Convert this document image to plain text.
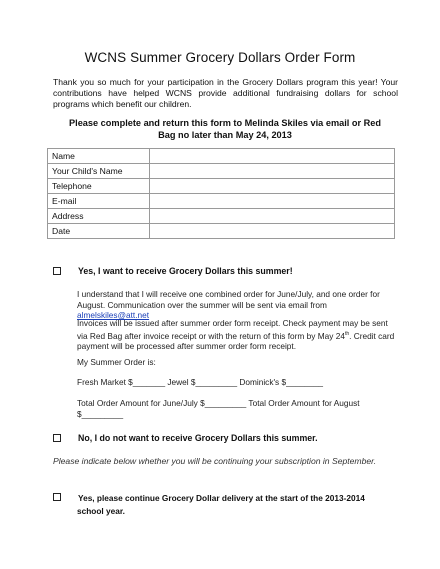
WCNS Summer Grocery Dollars Order Form
Thank you so much for your participation in the Grocery Dollars program this year! Your contributions have helped WCNS provide additional fundraising dollars for school programs which benefit our children.
Please complete and return this form to Melinda Skiles via email or Red Bag no later than May 24, 2013
Name	
Your Child's Name	
Telephone	
E-mail	
Address	
Date	
Yes, I want to receive Grocery Dollars this summer!
I understand that I will receive one combined order for June/July, and one order for August. Communication over the summer will be sent via email from almelskiles@att.net
Invoices will be issued after summer order form receipt. Check payment may be sent via Red Bag after invoice receipt or with the return of this form by May 24th. Credit card payment will be processed after summer order form receipt.
My Summer Order is:
Fresh Market $_______ Jewel $_________ Dominick's $________
Total Order Amount for June/July $_________ Total Order Amount for August $_________
No, I do not want to receive Grocery Dollars this summer.
Please indicate below whether you will be continuing your subscription in September.
Yes, please continue Grocery Dollar delivery at the start of the 2013-2014 school year.
